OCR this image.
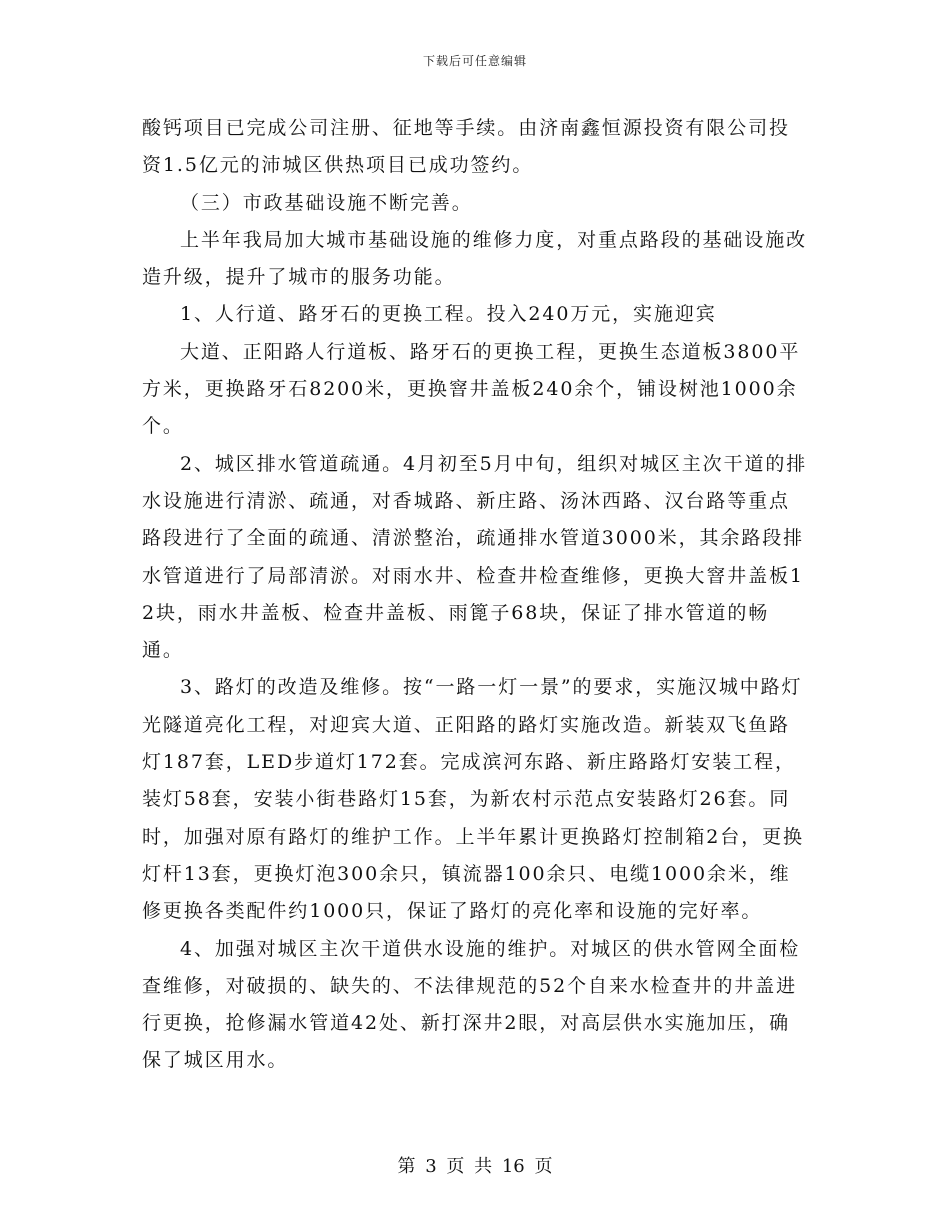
下载后可任意编辑

酸钙项目已完成公司注册、征地等手续。由济南鑫恒源投资有限公司投资1.5亿元的沛城区供热项目已成功签约。

（三）市政基础设施不断完善。

上半年我局加大城市基础设施的维修力度，对重点路段的基础设施改造升级，提升了城市的服务功能。

1、人行道、路牙石的更换工程。投入240万元，实施迎宾

大道、正阳路人行道板、路牙石的更换工程，更换生态道板3800平方米，更换路牙石8200米，更换窨井盖板240余个，铺设树池1000余个。

2、城区排水管道疏通。4月初至5月中旬，组织对城区主次干道的排水设施进行清淤、疏通，对香城路、新庄路、汤沐西路、汉台路等重点路段进行了全面的疏通、清淤整治，疏通排水管道3000米，其余路段排水管道进行了局部清淤。对雨水井、检查井检查维修，更换大窨井盖板12块，雨水井盖板、检查井盖板、雨篦子68块，保证了排水管道的畅通。

3、路灯的改造及维修。按“一路一灯一景”的要求，实施汉城中路灯光隧道亮化工程，对迎宾大道、正阳路的路灯实施改造。新装双飞鱼路灯187套，LED步道灯172套。完成滨河东路、新庄路路灯安装工程，装灯58套，安装小街巷路灯15套，为新农村示范点安装路灯26套。同时，加强对原有路灯的维护工作。上半年累计更换路灯控制箱2台，更换灯杆13套，更换灯泡300余只，镇流器100余只、电缆1000余米，维修更换各类配件约1000只，保证了路灯的亮化率和设施的完好率。

4、加强对城区主次干道供水设施的维护。对城区的供水管网全面检查维修，对破损的、缺失的、不法律规范的52个自来水检查井的井盖进行更换，抢修漏水管道42处、新打深井2眼，对高层供水实施加压，确保了城区用水。

第 3 页 共 16 页
